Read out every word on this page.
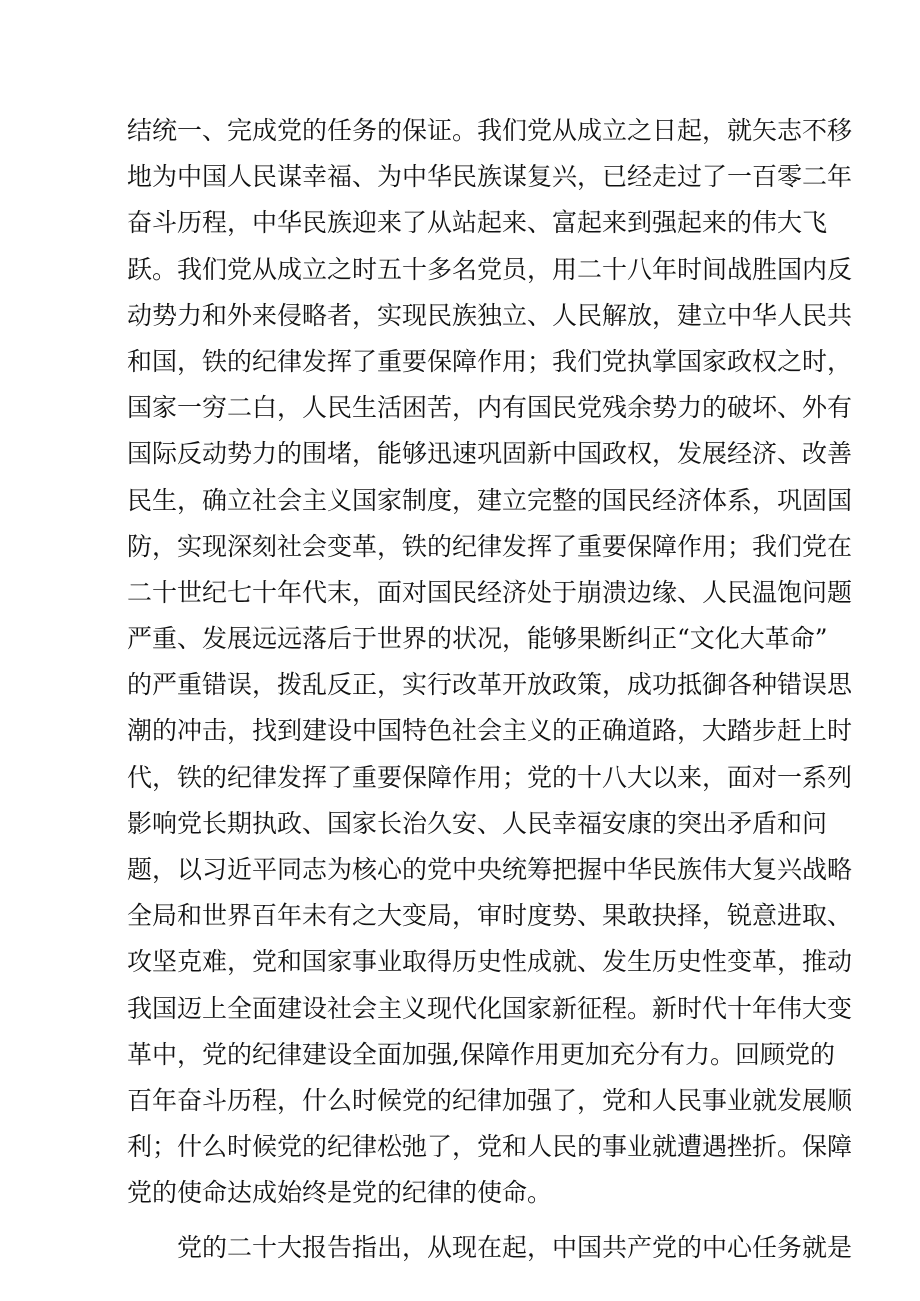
结统一、完成党的任务的保证。我们党从成立之日起，就矢志不移
地为中国人民谋幸福、为中华民族谋复兴，已经走过了一百零二年
奋斗历程，中华民族迎来了从站起来、富起来到强起来的伟大飞
跃。我们党从成立之时五十多名党员，用二十八年时间战胜国内反
动势力和外来侵略者，实现民族独立、人民解放，建立中华人民共
和国，铁的纪律发挥了重要保障作用；我们党执掌国家政权之时，
国家一穷二白，人民生活困苦，内有国民党残余势力的破坏、外有
国际反动势力的围堵，能够迅速巩固新中国政权，发展经济、改善
民生，确立社会主义国家制度，建立完整的国民经济体系，巩固国
防，实现深刻社会变革，铁的纪律发挥了重要保障作用；我们党在
二十世纪七十年代末，面对国民经济处于崩溃边缘、人民温饱问题
严重、发展远远落后于世界的状况，能够果断纠正“文化大革命”
的严重错误，拨乱反正，实行改革开放政策，成功抵御各种错误思
潮的冲击，找到建设中国特色社会主义的正确道路，大踏步赶上时
代，铁的纪律发挥了重要保障作用；党的十八大以来，面对一系列
影响党长期执政、国家长治久安、人民幸福安康的突出矛盾和问
题，以习近平同志为核心的党中央统筹把握中华民族伟大复兴战略
全局和世界百年未有之大变局，审时度势、果敢抉择，锐意进取、
攻坚克难，党和国家事业取得历史性成就、发生历史性变革，推动
我国迈上全面建设社会主义现代化国家新征程。新时代十年伟大变
革中，党的纪律建设全面加强,保障作用更加充分有力。回顾党的
百年奋斗历程，什么时候党的纪律加强了，党和人民事业就发展顺
利；什么时候党的纪律松弛了，党和人民的事业就遭遇挫折。保障
党的使命达成始终是党的纪律的使命。
党的二十大报告指出，从现在起，中国共产党的中心任务就是
